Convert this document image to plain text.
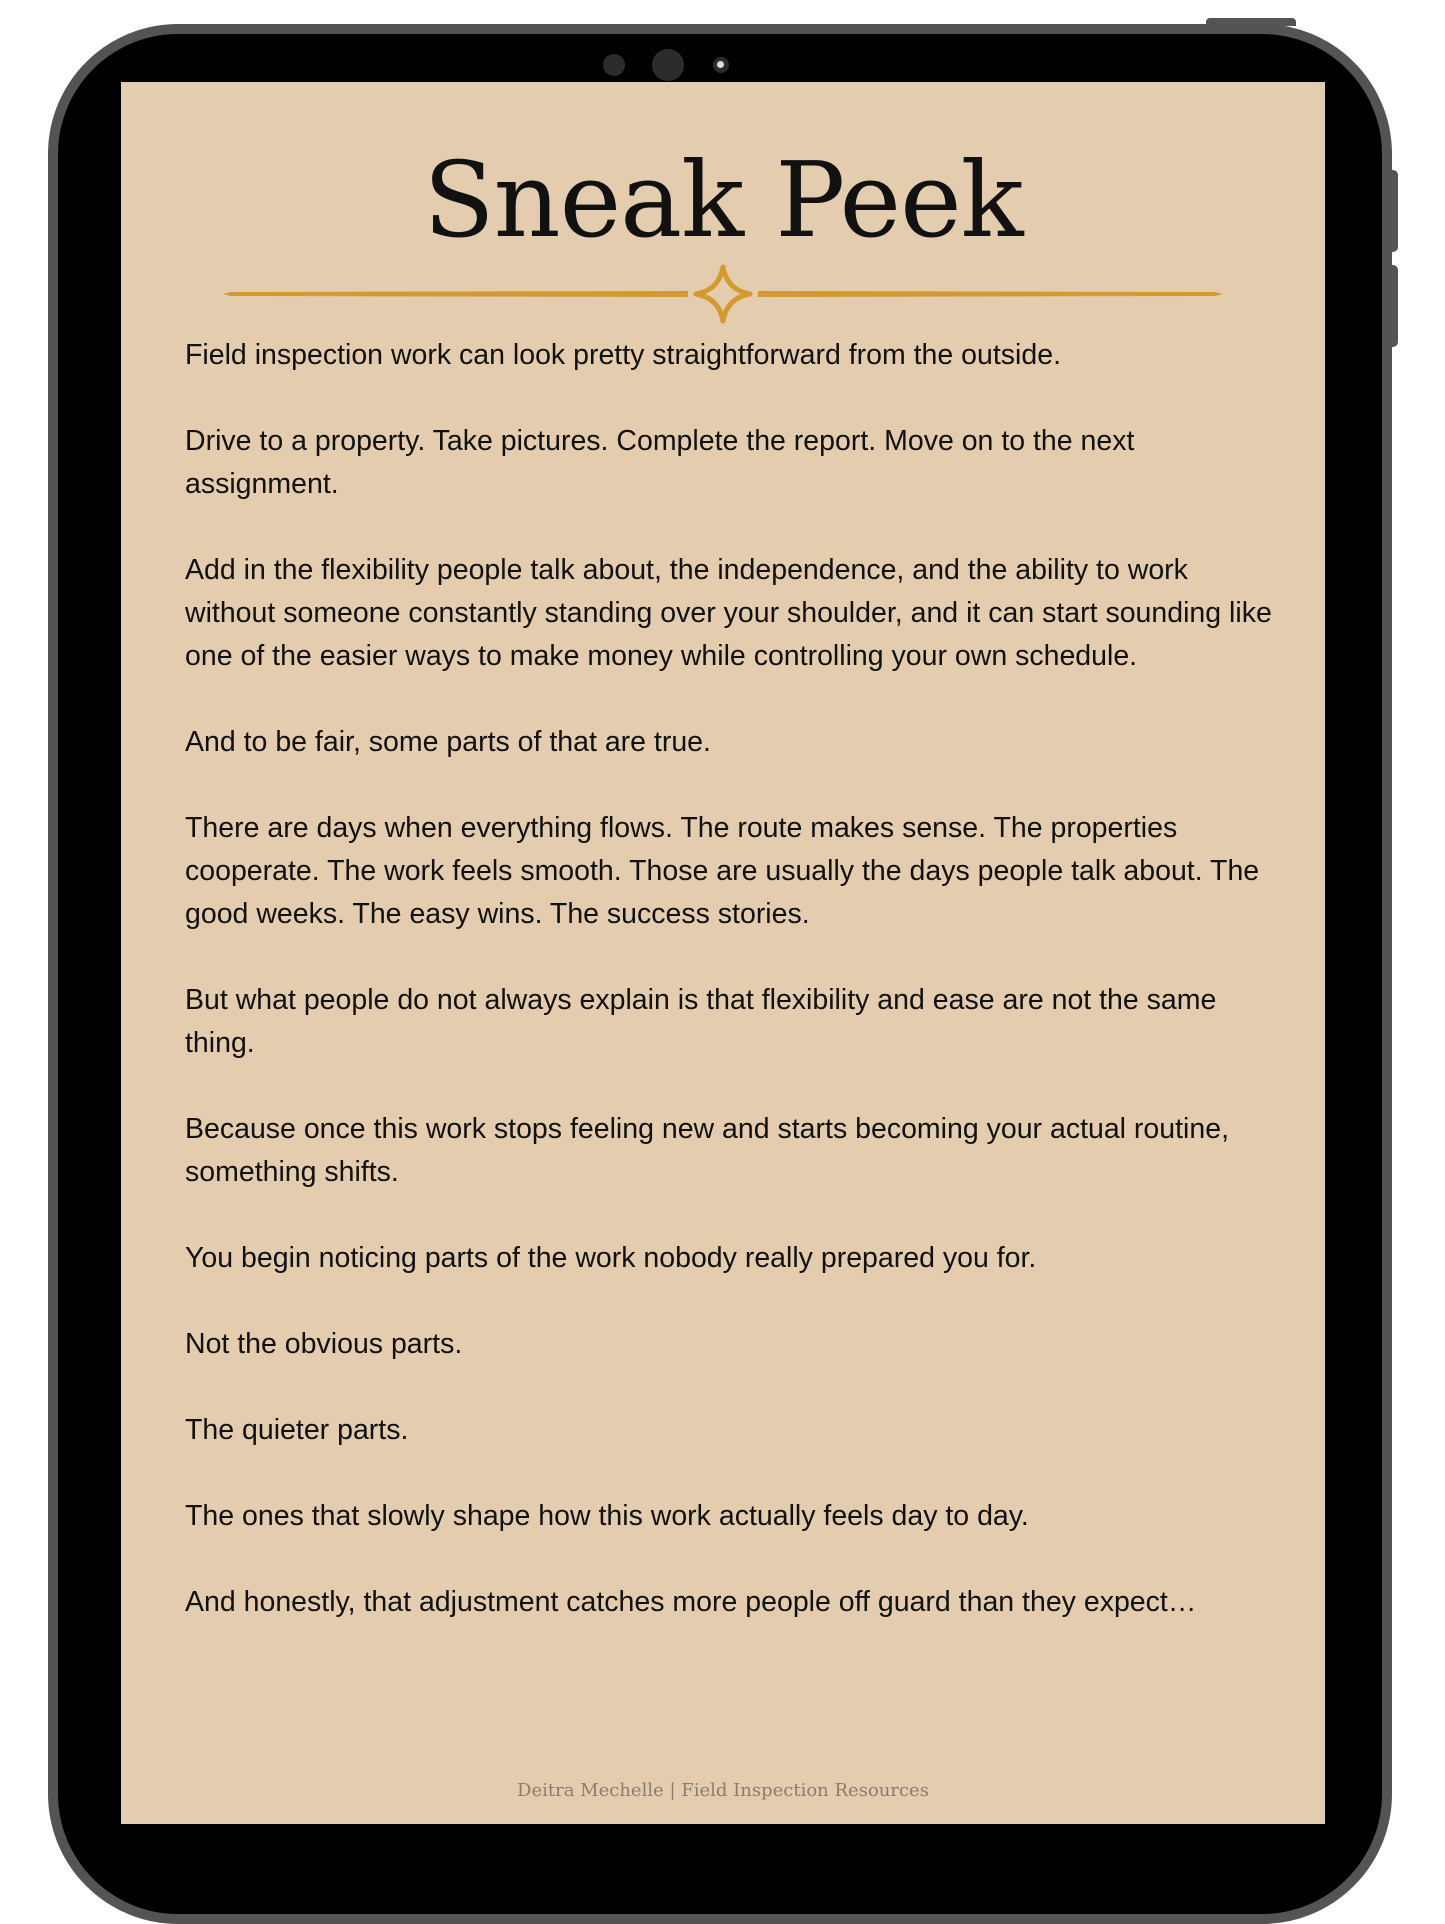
Sneak Peek

Field inspection work can look pretty straightforward from the outside.

Drive to a property. Take pictures. Complete the report. Move on to the next assignment.

Add in the flexibility people talk about, the independence, and the ability to work without someone constantly standing over your shoulder, and it can start sounding like one of the easier ways to make money while controlling your own schedule.

And to be fair, some parts of that are true.

There are days when everything flows. The route makes sense. The properties cooperate. The work feels smooth. Those are usually the days people talk about. The good weeks. The easy wins. The success stories.

But what people do not always explain is that flexibility and ease are not the same thing.

Because once this work stops feeling new and starts becoming your actual routine, something shifts.

You begin noticing parts of the work nobody really prepared you for.

Not the obvious parts.

The quieter parts.

The ones that slowly shape how this work actually feels day to day.

And honestly, that adjustment catches more people off guard than they expect…

Deitra Mechelle | Field Inspection Resources
